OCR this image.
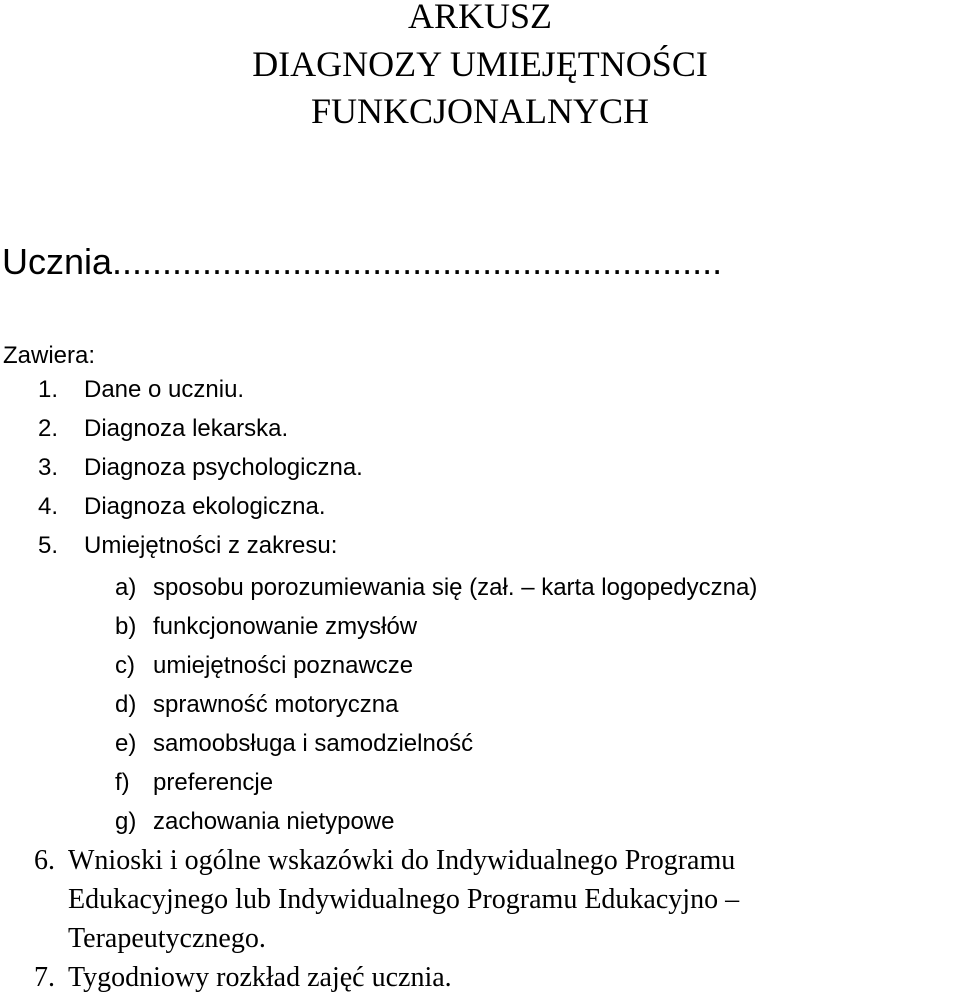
ARKUSZ
DIAGNOZY UMIEJĘTNOŚCI
FUNKCJONALNYCH
Ucznia.............................................................
Zawiera:
1. Dane o uczniu.
2. Diagnoza lekarska.
3. Diagnoza psychologiczna.
4. Diagnoza ekologiczna.
5. Umiejętności z zakresu:
a) sposobu porozumiewania się (zał. – karta logopedyczna)
b) funkcjonowanie zmysłów
c) umiejętności poznawcze
d) sprawność motoryczna
e) samoobsługa i samodzielność
f) preferencje
g) zachowania nietypowe
6. Wnioski i ogólne wskazówki do Indywidualnego Programu
Edukacyjnego lub Indywidualnego Programu Edukacyjno –
Terapeutycznego.
7. Tygodniowy rozkład zajęć ucznia.
